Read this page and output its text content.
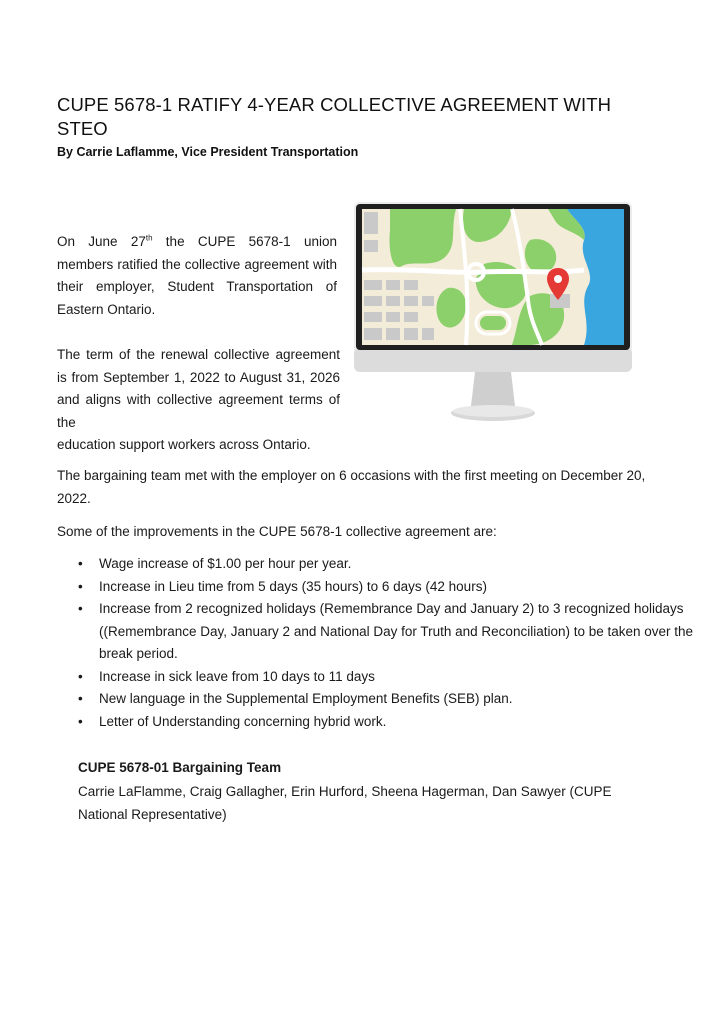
CUPE 5678-1 RATIFY 4-YEAR COLLECTIVE AGREEMENT WITH STEO
By Carrie Laflamme, Vice President Transportation

On June 27th the CUPE 5678-1 union members ratified the collective agreement with their employer, Student Transportation of Eastern Ontario.

The term of the renewal collective agreement is from September 1, 2022 to August 31, 2026 and aligns with collective agreement terms of the
education support workers across Ontario.

The bargaining team met with the employer on 6 occasions with the first meeting on December 20, 2022.

Some of the improvements in the CUPE 5678-1 collective agreement are:

• Wage increase of $1.00 per hour per year.
• Increase in Lieu time from 5 days (35 hours) to 6 days (42 hours)
• Increase from 2 recognized holidays (Remembrance Day and January 2) to 3 recognized holidays ((Remembrance Day, January 2 and National Day for Truth and Reconciliation) to be taken over the break period.
• Increase in sick leave from 10 days to 11 days
• New language in the Supplemental Employment Benefits (SEB) plan.
• Letter of Understanding concerning hybrid work.
CUPE 5678-01 Bargaining Team
Carrie LaFlamme, Craig Gallagher, Erin Hurford, Sheena Hagerman, Dan Sawyer (CUPE National Representative)
